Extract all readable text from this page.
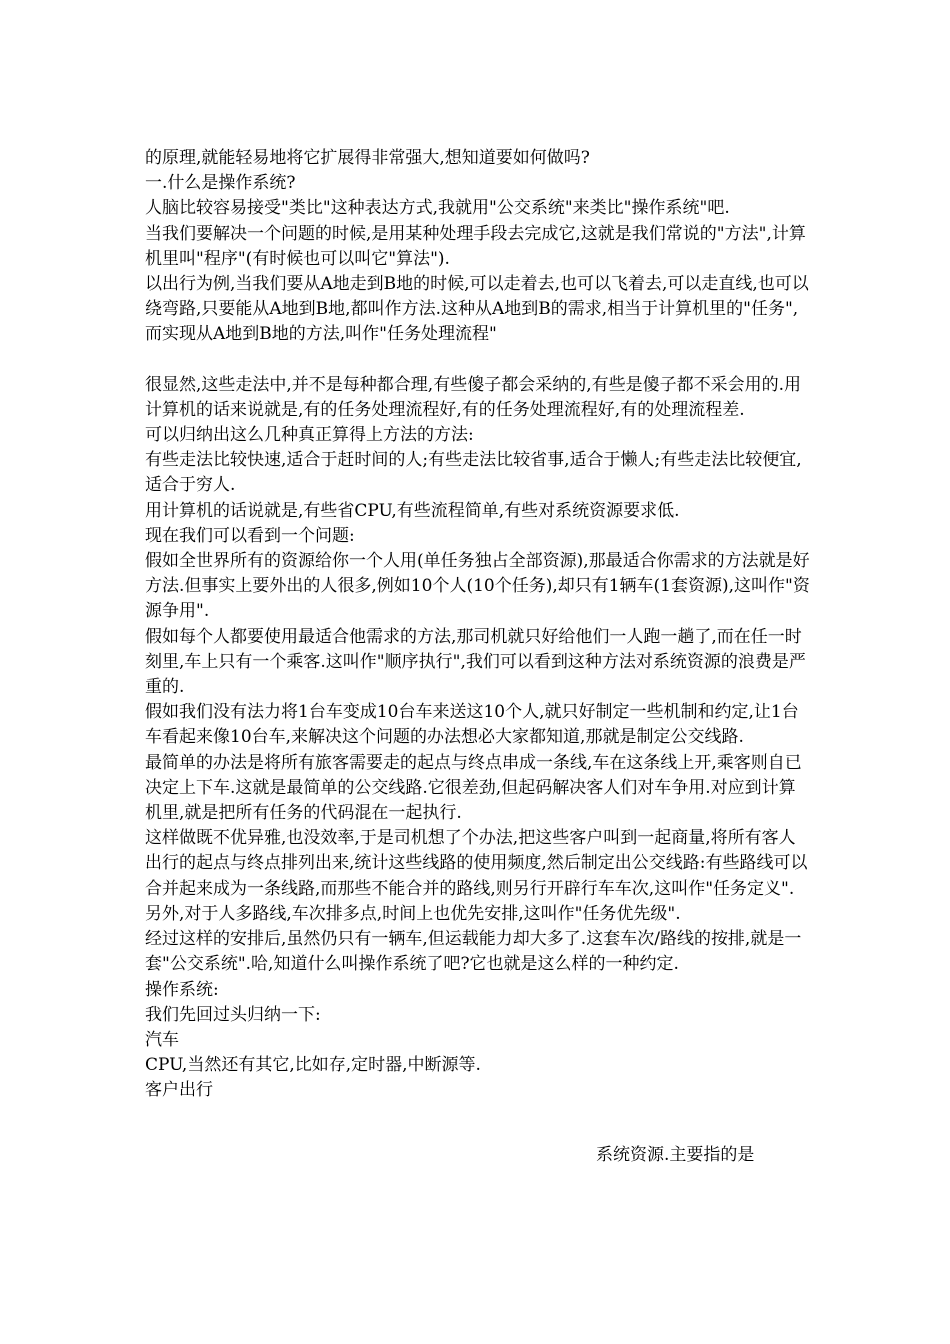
的原理,就能轻易地将它扩展得非常强大,想知道要如何做吗?

一.什么是操作系统?

人脑比较容易接受"类比"这种表达方式,我就用"公交系统"来类比"操作系统"吧.

当我们要解决一个问题的时候,是用某种处理手段去完成它,这就是我们常说的"方法",计算机里叫"程序"(有时候也可以叫它"算法").

以出行为例,当我们要从A地走到B地的时候,可以走着去,也可以飞着去,可以走直线,也可以绕弯路,只要能从A地到B地,都叫作方法.这种从A地到B的需求,相当于计算机里的"任务",而实现从A地到B地的方法,叫作"任务处理流程"

很显然,这些走法中,并不是每种都合理,有些傻子都会采纳的,有些是傻子都不采会用的.用计算机的话来说就是,有的任务处理流程好,有的任务处理流程好,有的处理流程差.

可以归纳出这么几种真正算得上方法的方法:

有些走法比较快速,适合于赶时间的人;有些走法比较省事,适合于懒人;有些走法比较便宜,适合于穷人.

用计算机的话说就是,有些省CPU,有些流程简单,有些对系统资源要求低.

现在我们可以看到一个问题:

假如全世界所有的资源给你一个人用(单任务独占全部资源),那最适合你需求的方法就是好方法.但事实上要外出的人很多,例如10个人(10个任务),却只有1辆车(1套资源),这叫作"资源争用".

假如每个人都要使用最适合他需求的方法,那司机就只好给他们一人跑一趟了,而在任一时刻里,车上只有一个乘客.这叫作"顺序执行",我们可以看到这种方法对系统资源的浪费是严重的.

假如我们没有法力将1台车变成10台车来送这10个人,就只好制定一些机制和约定,让1台车看起来像10台车,来解决这个问题的办法想必大家都知道,那就是制定公交线路.

最简单的办法是将所有旅客需要走的起点与终点串成一条线,车在这条线上开,乘客则自已决定上下车.这就是最简单的公交线路.它很差劲,但起码解决客人们对车争用.对应到计算机里,就是把所有任务的代码混在一起执行.

这样做既不优异雅,也没效率,于是司机想了个办法,把这些客户叫到一起商量,将所有客人出行的起点与终点排列出来,统计这些线路的使用频度,然后制定出公交线路:有些路线可以合并起来成为一条线路,而那些不能合并的路线,则另行开辟行车车次,这叫作"任务定义".另外,对于人多路线,车次排多点,时间上也优先安排,这叫作"任务优先级".

经过这样的安排后,虽然仍只有一辆车,但运载能力却大多了.这套车次/路线的按排,就是一套"公交系统".哈,知道什么叫操作系统了吧?它也就是这么样的一种约定.

操作系统:

我们先回过头归纳一下:

汽车
CPU,当然还有其它,比如存,定时器,中断源等.
客户出行
系统资源.主要指的是
